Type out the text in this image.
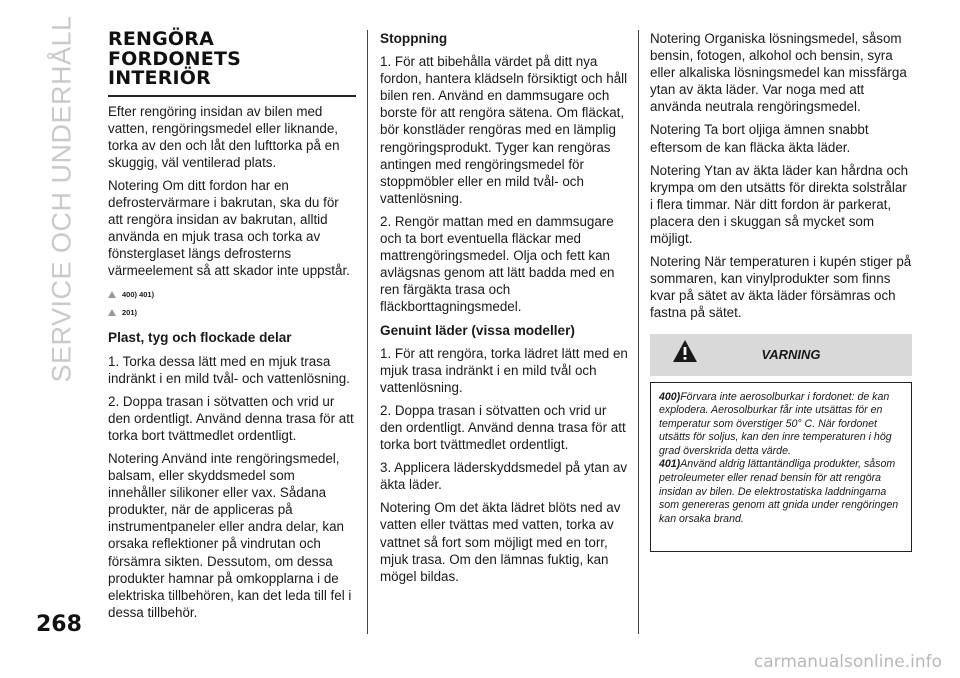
SERVICE OCH UNDERHÅLL RENGÖRA
FORDONETS
INTERIÖR

Efter rengöring insidan av bilen med vatten, rengöringsmedel eller liknande, torka av den och låt den lufttorka på en skuggig, väl ventilerad plats.

Notering Om ditt fordon har en defrostervärmare i bakrutan, ska du för att rengöra insidan av bakrutan, alltid använda en mjuk trasa och torka av fönsterglaset längs defrosterns värmeelement så att skador inte uppstår.

400) 401)
201)

Plast, tyg och flockade delar

1. Torka dessa lätt med en mjuk trasa indränkt i en mild tvål- och vattenlösning.

2. Doppa trasan i sötvatten och vrid ur den ordentligt. Använd denna trasa för att torka bort tvättmedlet ordentligt.

Notering Använd inte rengöringsmedel, balsam, eller skyddsmedel som innehåller silikoner eller vax. Sådana produkter, när de appliceras på instrumentpaneler eller andra delar, kan orsaka reflektioner på vindrutan och försämra sikten. Dessutom, om dessa produkter hamnar på omkopplarna i de elektriska tillbehören, kan det leda till fel i dessa tillbehör.

Stoppning

1. För att bibehålla värdet på ditt nya fordon, hantera klädseln försiktigt och håll bilen ren. Använd en dammsugare och borste för att rengöra sätena. Om fläckat, bör konstläder rengöras med en lämplig rengöringsprodukt. Tyger kan rengöras antingen med rengöringsmedel för stoppmöbler eller en mild tvål- och vattenlösning.

2. Rengör mattan med en dammsugare och ta bort eventuella fläckar med mattrengöringsmedel. Olja och fett kan avlägsnas genom att lätt badda med en ren färgäkta trasa och fläckborttagningsmedel.

Genuint läder (vissa modeller)

1. För att rengöra, torka lädret lätt med en mjuk trasa indränkt i en mild tvål och vattenlösning.

2. Doppa trasan i sötvatten och vrid ur den ordentligt. Använd denna trasa för att torka bort tvättmedlet ordentligt.

3. Applicera läderskyddsmedel på ytan av äkta läder.

Notering Om det äkta lädret blöts ned av vatten eller tvättas med vatten, torka av vattnet så fort som möjligt med en torr, mjuk trasa. Om den lämnas fuktig, kan mögel bildas.

Notering Organiska lösningsmedel, såsom bensin, fotogen, alkohol och bensin, syra eller alkaliska lösningsmedel kan missfärga ytan av äkta läder. Var noga med att använda neutrala rengöringsmedel.

Notering Ta bort oljiga ämnen snabbt eftersom de kan fläcka äkta läder.

Notering Ytan av äkta läder kan hårdna och krympa om den utsätts för direkta solstrålar i flera timmar. När ditt fordon är parkerat, placera den i skuggan så mycket som möjligt.

Notering När temperaturen i kupén stiger på sommaren, kan vinylprodukter som finns kvar på sätet av äkta läder försämras och fastna på sätet.

VARNING
400)Förvara inte aerosolburkar i fordonet: de kan explodera. Aerosolburkar får inte utsättas för en temperatur som överstiger 50° C. När fordonet utsätts för soljus, kan den inre temperaturen i hög grad överskrida detta värde.
401)Använd aldrig lättantändliga produkter, såsom petroleumeter eller renad bensin för att rengöra insidan av bilen. De elektrostatiska laddningarna som genereras genom att gnida under rengöringen kan orsaka brand.
268
carmanualsonline.info
